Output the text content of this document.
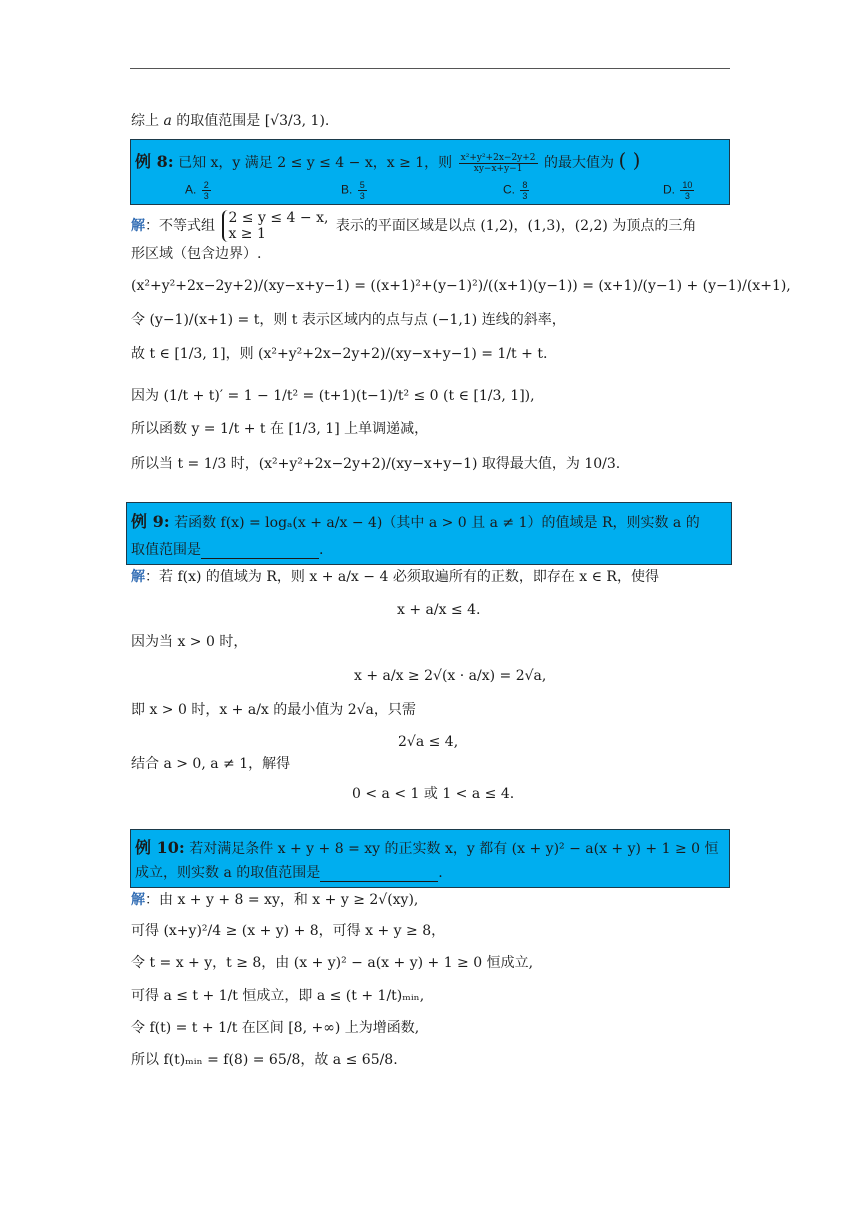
综上 a 的取值范围是 [√3/3, 1).
例 8: 已知 x，y 满足 2 ≤ y ≤ 4 − x，x ≥ 1，则 $\frac{\text{x²+y²+2x−2y+2}}{xy-x+y-1}$ 的最大值为 ( )
A. $\frac{2}{3}$	B. $\frac{5}{3}$	C. $\frac{8}{3}$	D. $\frac{10}{3}$
解：不等式组 2 ≤ y ≤ 4 − x,
x ≥ 1	表示的平面区域是以点 (1,2)，(1,3)，(2,2) 为顶点的三角
形区域（包含边界）.
(x²+y²+2x−2y+2)/(xy−x+y−1) = ((x+1)²+(y−1)²)/((x+1)(y−1)) = (x+1)/(y−1) + (y−1)/(x+1),
令 (y−1)/(x+1) = t，则 t 表示区域内的点与点 (−1,1) 连线的斜率，
故 t ∈ [1/3, 1]，则 (x²+y²+2x−2y+2)/(xy−x+y−1) = 1/t + t.
因为 (1/t + t)′ = 1 − 1/t² = (t+1)(t−1)/t² ≤ 0 (t ∈ [1/3, 1]),
所以函数 y = 1/t + t 在 [1/3, 1] 上单调递减，
所以当 t = 1/3 时，(x²+y²+2x−2y+2)/(xy−x+y−1) 取得最大值，为 10/3.
例 9: 若函数 f(x) = logₐ(x + a/x − 4)（其中 a > 0 且 a ≠ 1）的值域是 R，则实数 a 的
取值范围是	.
解：若 f(x) 的值域为 R，则 x + a/x − 4 必须取遍所有的正数，即存在 x ∈ R，使得
x + a/x ≤ 4.
因为当 x > 0 时，
x + a/x ≥ 2√(x · a/x) = 2√a,
即 x > 0 时，x + a/x 的最小值为 2√a，只需
2√a ≤ 4,
结合 a > 0, a ≠ 1，解得
0 < a < 1 或 1 < a ≤ 4.
例 10: 若对满足条件 x + y + 8 = xy 的正实数 x，y 都有 (x + y)² − a(x + y) + 1 ≥ 0 恒
成立，则实数 a 的取值范围是	.
解：由 x + y + 8 = xy，和 x + y ≥ 2√(xy),
可得 (x+y)²/4 ≥ (x + y) + 8，可得 x + y ≥ 8，
令 t = x + y，t ≥ 8，由 (x + y)² − a(x + y) + 1 ≥ 0 恒成立,
可得 a ≤ t + 1/t 恒成立，即 a ≤ (t + 1/t)ₘᵢₙ,
令 f(t) = t + 1/t 在区间 [8, +∞) 上为增函数,
所以 f(t)ₘᵢₙ = f(8) = 65/8，故 a ≤ 65/8.
